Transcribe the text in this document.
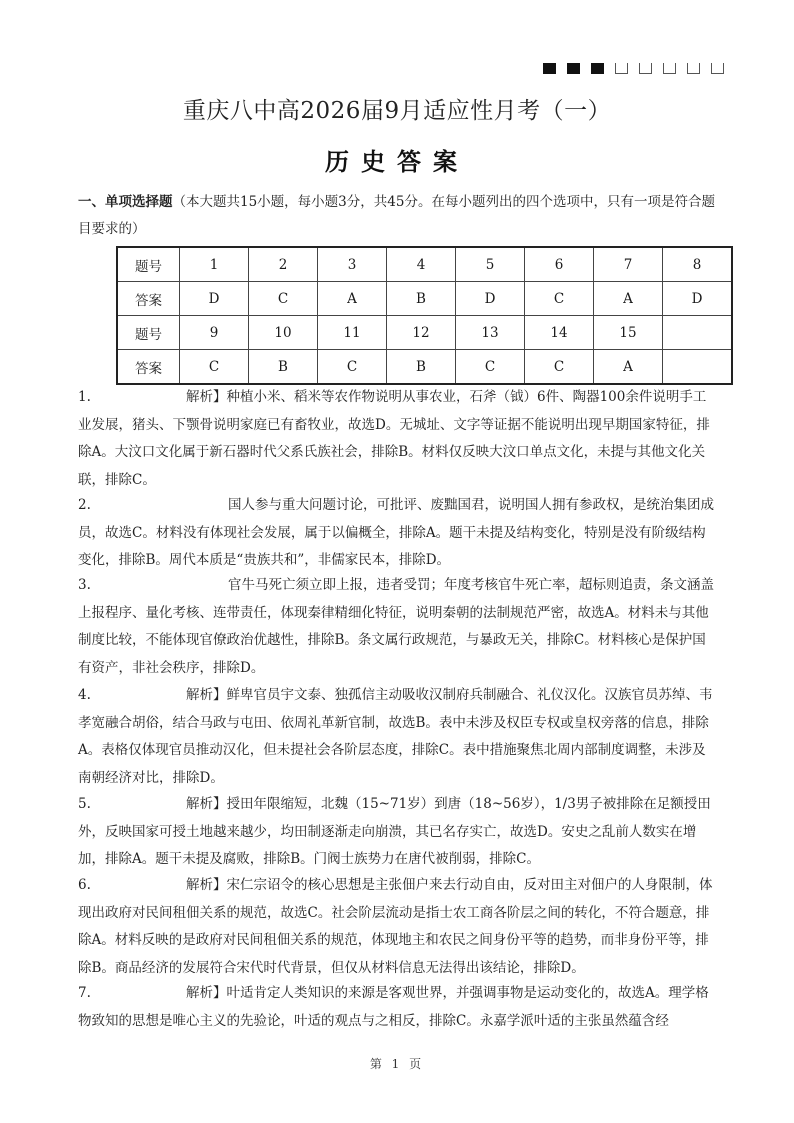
重庆八中高2026届9月适应性月考（一）
历史答案
一、单项选择题（本大题共15小题，每小题3分，共45分。在每小题列出的四个选项中，只有一项是符合题目要求的）
题号	1	2	3	4	5	6	7	8
答案	D	C	A	B	D	C	A	D
题号	9	10	11	12	13	14	15	
答案	C	B	C	B	C	C	A	
1.	解析】种植小米、稻米等农作物说明从事农业，石斧（钺）6件、陶器100余件说明手工业发展，猪头、下颚骨说明家庭已有畜牧业，故选D。无城址、文字等证据不能说明出现早期国家特征，排除A。大汶口文化属于新石器时代父系氏族社会，排除B。材料仅反映大汶口单点文化，未提与其他文化关联，排除C。
2.	国人参与重大问题讨论，可批评、废黜国君，说明国人拥有参政权，是统治集团成员，故选C。材料没有体现社会发展，属于以偏概全，排除A。题干未提及结构变化，特别是没有阶级结构变化，排除B。周代本质是“贵族共和”，非儒家民本，排除D。
3.	官牛马死亡须立即上报，违者受罚；年度考核官牛死亡率，超标则追责，条文涵盖上报程序、量化考核、连带责任，体现秦律精细化特征，说明秦朝的法制规范严密，故选A。材料未与其他制度比较，不能体现官僚政治优越性，排除B。条文属行政规范，与暴政无关，排除C。材料核心是保护国有资产，非社会秩序，排除D。
4.	解析】鲜卑官员宇文泰、独孤信主动吸收汉制府兵制融合、礼仪汉化。汉族官员苏绰、韦孝宽融合胡俗，结合马政与屯田、依周礼革新官制，故选B。表中未涉及权臣专权或皇权旁落的信息，排除A。表格仅体现官员推动汉化，但未提社会各阶层态度，排除C。表中措施聚焦北周内部制度调整，未涉及南朝经济对比，排除D。
5.	解析】授田年限缩短，北魏（15~71岁）到唐（18~56岁），1/3男子被排除在足额授田外，反映国家可授土地越来越少，均田制逐渐走向崩溃，其已名存实亡，故选D。安史之乱前人数实在增加，排除A。题干未提及腐败，排除B。门阀士族势力在唐代被削弱，排除C。
6.	解析】宋仁宗诏令的核心思想是主张佃户来去行动自由，反对田主对佃户的人身限制，体现出政府对民间租佃关系的规范，故选C。社会阶层流动是指士农工商各阶层之间的转化，不符合题意，排除A。材料反映的是政府对民间租佃关系的规范，体现地主和农民之间身份平等的趋势，而非身份平等，排除B。商品经济的发展符合宋代时代背景，但仅从材料信息无法得出该结论，排除D。
7.	解析】叶适肯定人类知识的来源是客观世界，并强调事物是运动变化的，故选A。理学格物致知的思想是唯心主义的先验论，叶适的观点与之相反，排除C。永嘉学派叶适的主张虽然蕴含经
第 1 页
